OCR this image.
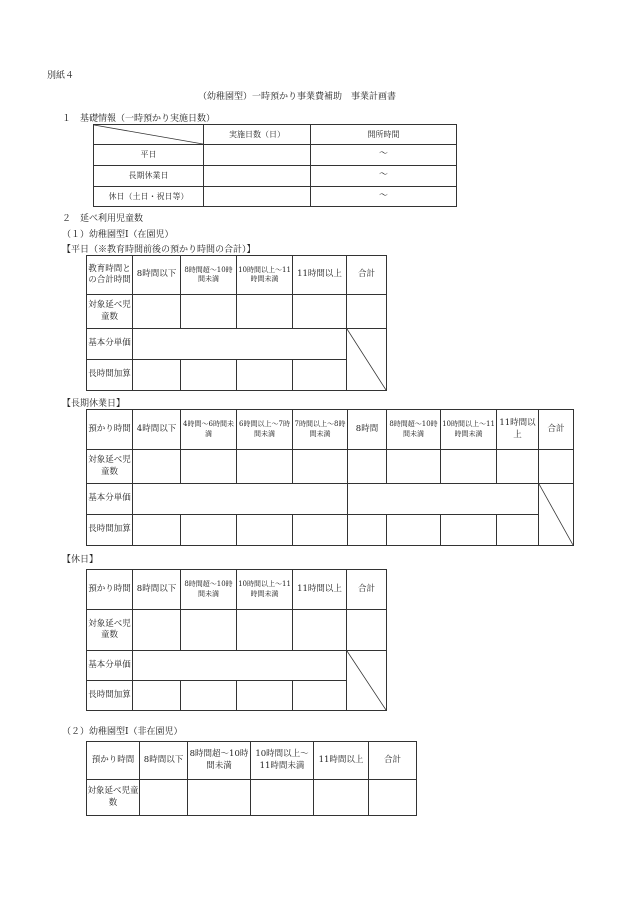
別紙４
（幼稚園型）一時預かり事業費補助　事業計画書
１　基礎情報（一時預かり実施日数）
	実施日数（日）	開所時間
平日		～
長期休業日		～
休日（土日・祝日等）		～
２　延べ利用児童数
（１）幼稚園型Ⅰ（在園児）
【平日（※教育時間前後の預かり時間の合計）】
教育時間との合計時間	8時間以下	8時間超～10時間未満	10時間以上～11時間未満	11時間以上	合計
対象延べ児童数					
基本分単価		

長時間加算					
【長期休業日】
預かり時間	4時間以下	4時間～6時間未満	6時間以上～7時間未満	7時間以上～8時間未満	8時間	8時間超～10時間未満	10時間以上～11時間未満	11時間以上	合計
対象延べ児童数									
基本分単価			

長時間加算									
【休日】
預かり時間	8時間以下	8時間超～10時間未満	10時間以上～11時間未満	11時間以上	合計
対象延べ児童数					
基本分単価		

長時間加算					
（２）幼稚園型Ⅰ（非在園児）
預かり時間	8時間以下	8時間超～10時間未満	10時間以上～11時間未満	11時間以上	合計
対象延べ児童数					
